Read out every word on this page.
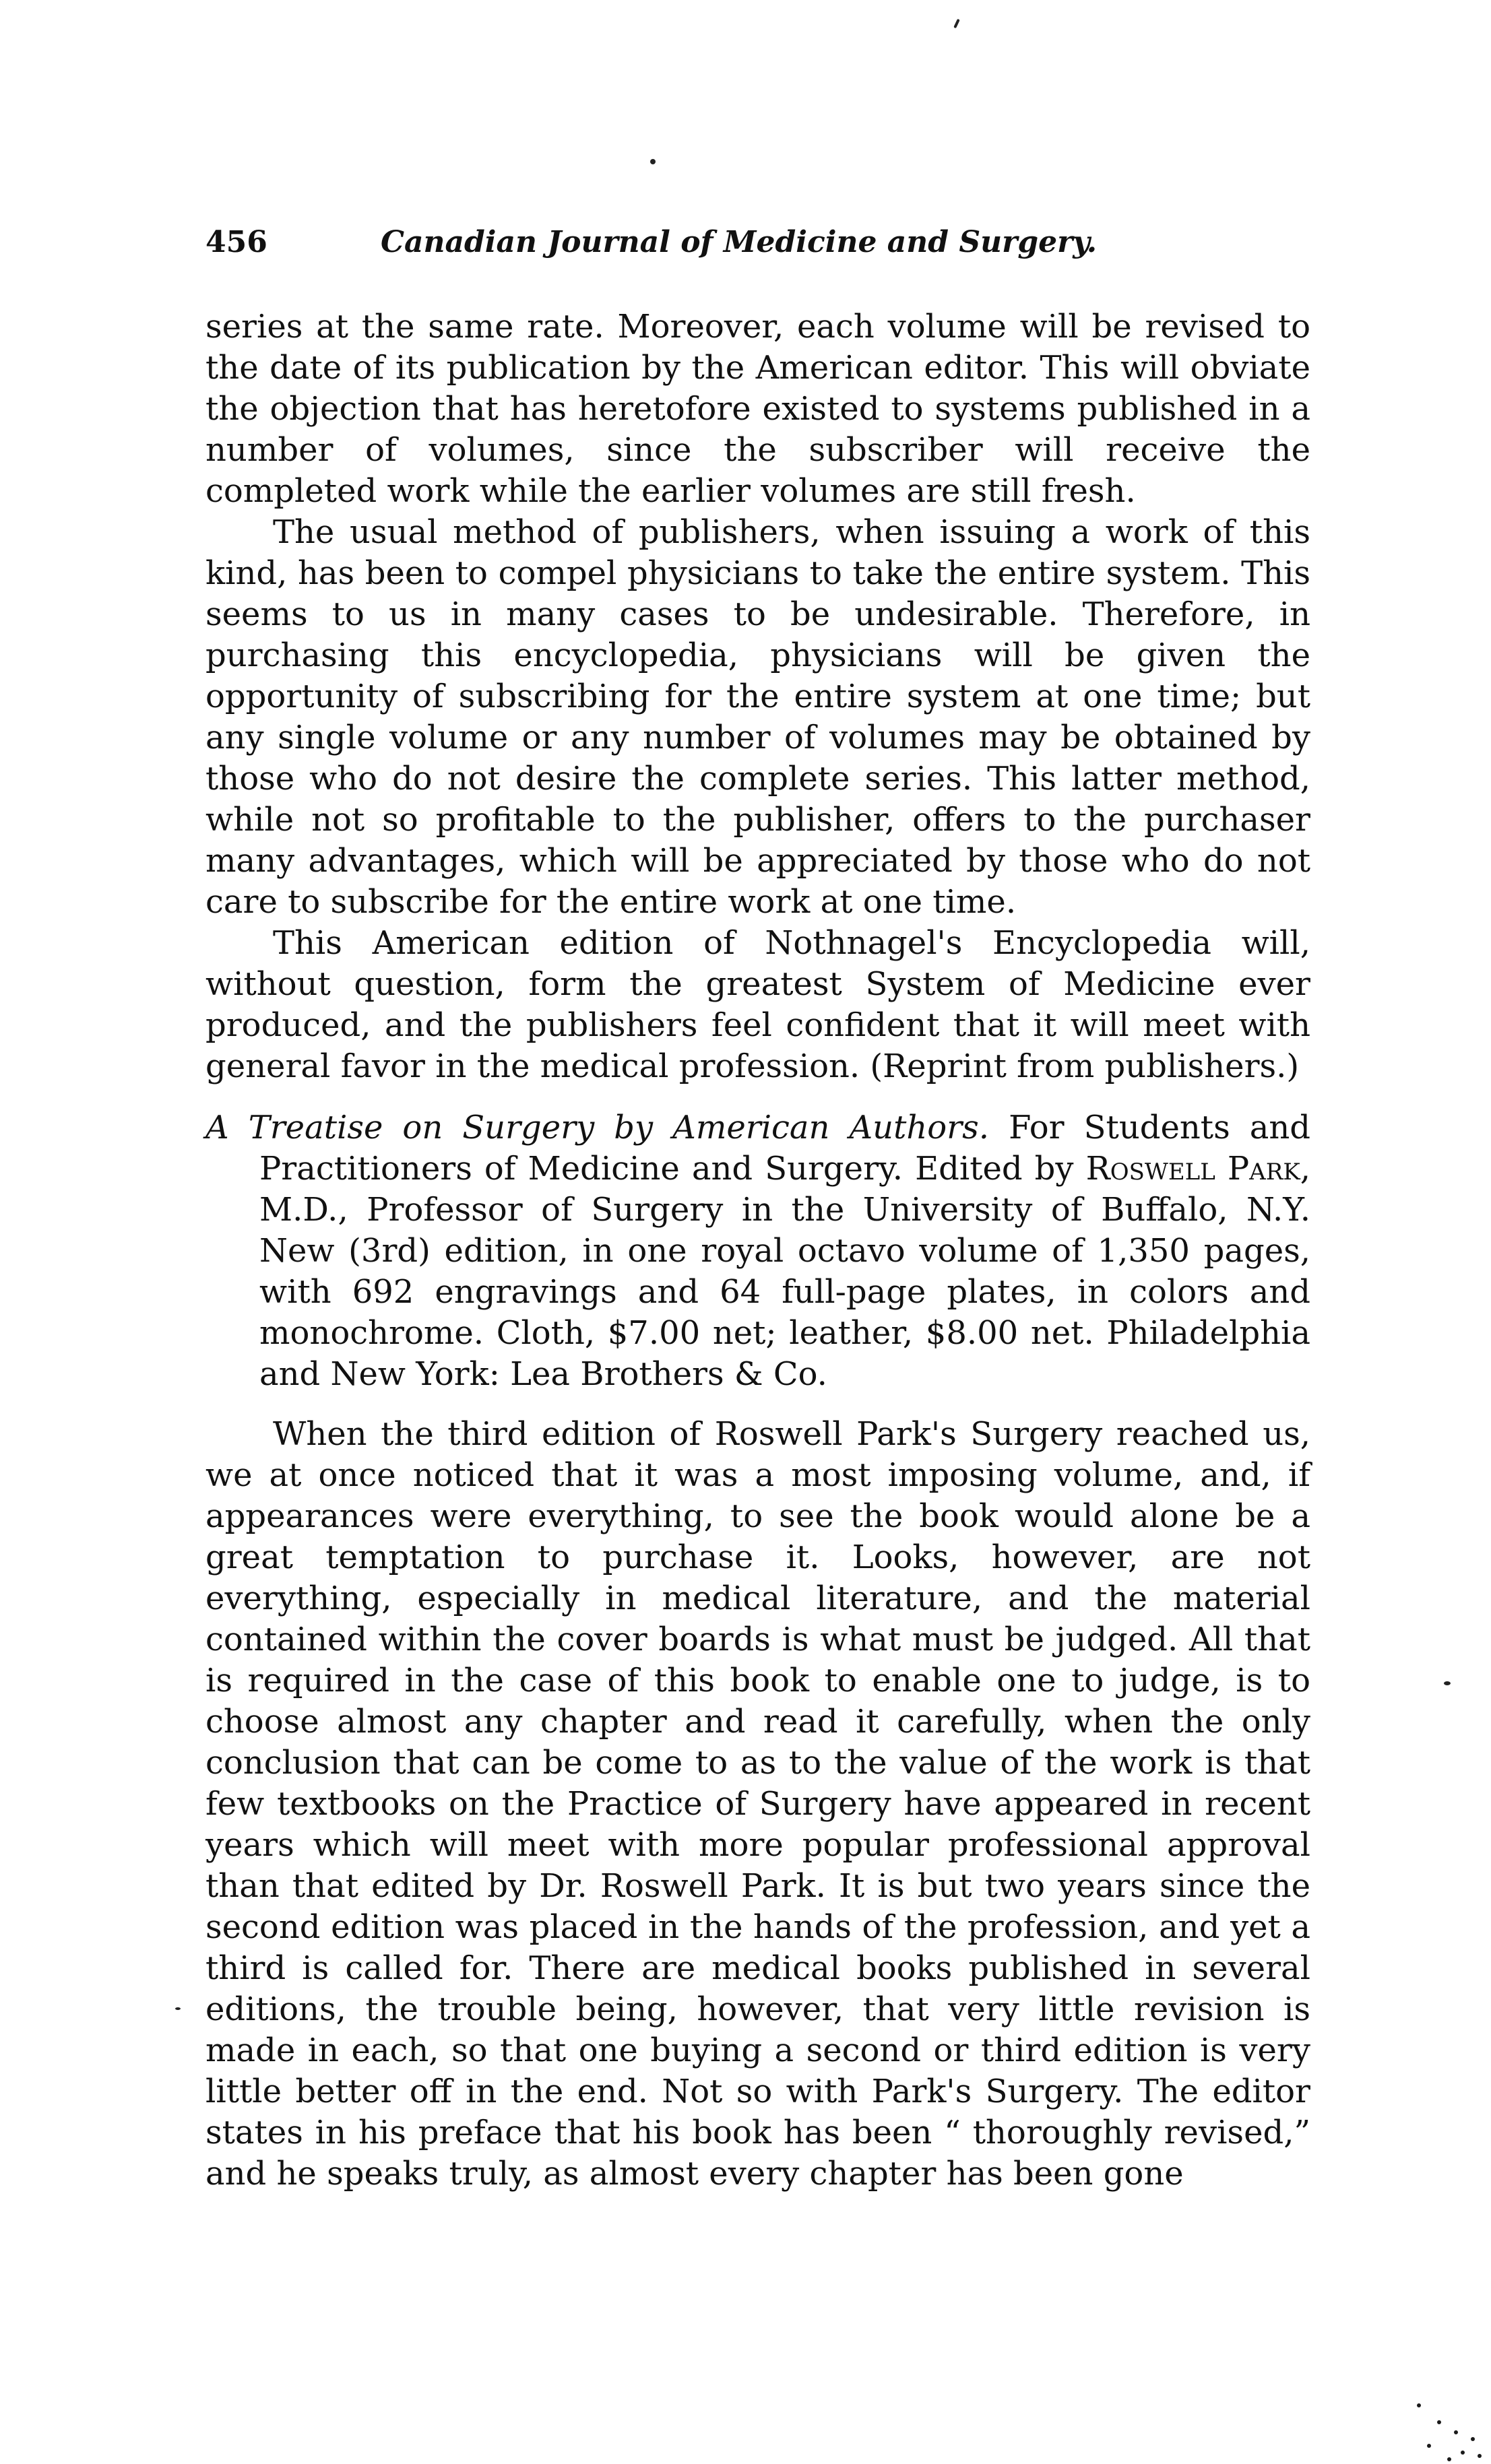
456	Canadian Journal of Medicine and Surgery.

series at the same rate. Moreover, each volume will be revised to the date of its publication by the American editor. This will obviate the objection that has heretofore existed to systems published in a number of volumes, since the subscriber will receive the completed work while the earlier volumes are still fresh.

The usual method of publishers, when issuing a work of this kind, has been to compel physicians to take the entire system. This seems to us in many cases to be undesirable. Therefore, in purchasing this encyclopedia, physicians will be given the opportunity of subscribing for the entire system at one time; but any single volume or any number of volumes may be obtained by those who do not desire the complete series. This latter method, while not so profitable to the publisher, offers to the purchaser many advantages, which will be appreciated by those who do not care to subscribe for the entire work at one time.

This American edition of Nothnagel's Encyclopedia will, without question, form the greatest System of Medicine ever produced, and the publishers feel confident that it will meet with general favor in the medical profession. (Reprint from publishers.)

A Treatise on Surgery by American Authors. For Students and Practitioners of Medicine and Surgery. Edited by Roswell Park, M.D., Professor of Surgery in the University of Buffalo, N.Y. New (3rd) edition, in one royal octavo volume of 1,350 pages, with 692 engravings and 64 full-page plates, in colors and monochrome. Cloth, $7.00 net; leather, $8.00 net. Philadelphia and New York: Lea Brothers & Co.

When the third edition of Roswell Park's Surgery reached us, we at once noticed that it was a most imposing volume, and, if appearances were everything, to see the book would alone be a great temptation to purchase it. Looks, however, are not everything, especially in medical literature, and the material contained within the cover boards is what must be judged. All that is required in the case of this book to enable one to judge, is to choose almost any chapter and read it carefully, when the only conclusion that can be come to as to the value of the work is that few textbooks on the Practice of Surgery have appeared in recent years which will meet with more popular professional approval than that edited by Dr. Roswell Park. It is but two years since the second edition was placed in the hands of the profession, and yet a third is called for. There are medical books published in several editions, the trouble being, however, that very little revision is made in each, so that one buying a second or third edition is very little better off in the end. Not so with Park's Surgery. The editor states in his preface that his book has been “ thoroughly revised,” and he speaks truly, as almost every chapter has been gone
